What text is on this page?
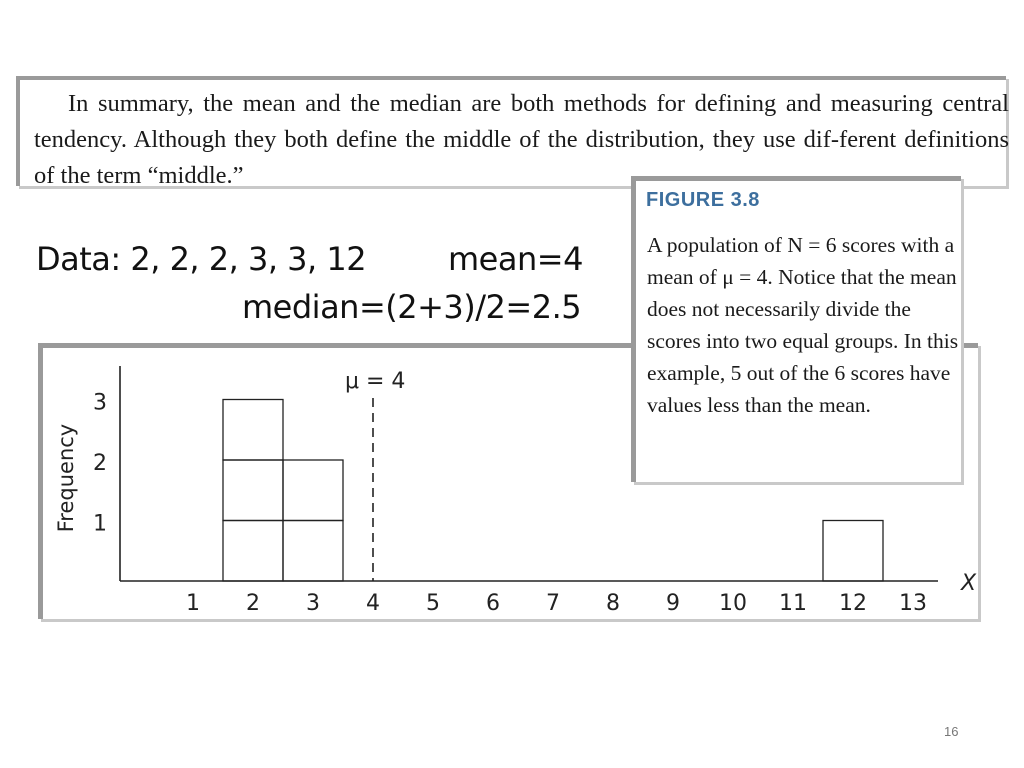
In summary, the mean and the median are both methods for defining and measuring central tendency. Although they both define the middle of the distribution, they use dif-ferent definitions of the term “middle.”
Data: 2, 2, 2, 3, 3, 12	mean=4
median=(2+3)/2=2.5
1 2 3 4 5 6 7 8 9 10 11 12 13
1
2
3
X
Frequency
μ = 4
FIGURE 3.8
A population of N = 6 scores with a mean of μ = 4. Notice that the mean does not necessarily divide the scores into two equal groups. In this example, 5 out of the 6 scores have values less than the mean.
16
